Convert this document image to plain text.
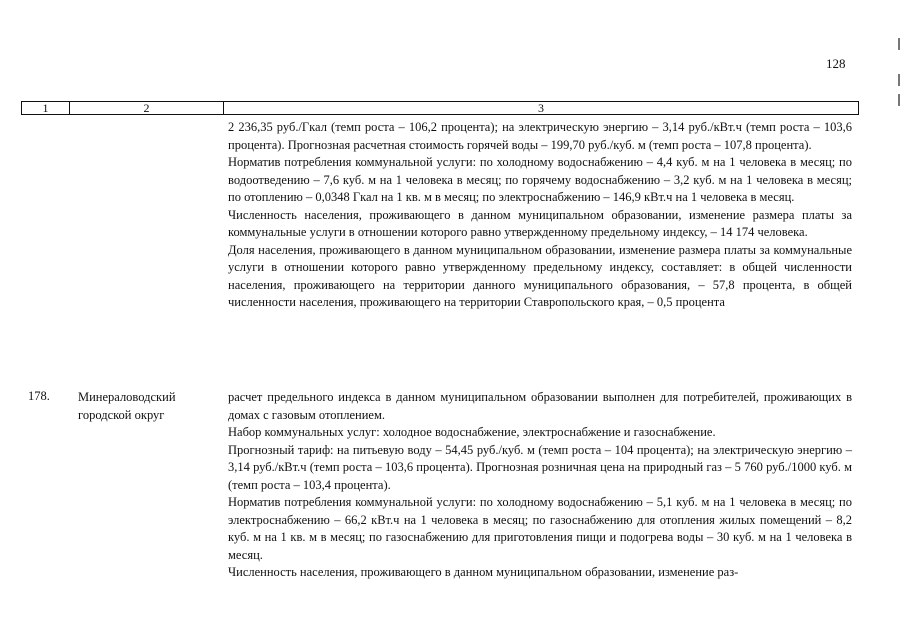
128
1	2	3

2 236,35 руб./Гкал (темп роста – 106,2 процента); на электрическую энергию – 3,14 руб./кВт.ч (темп роста – 103,6 процента). Прогнозная расчетная стоимость горячей воды – 199,70 руб./куб. м (темп роста – 107,8 процента).

Норматив потребления коммунальной услуги: по холодному водоснабжению – 4,4 куб. м на 1 человека в месяц; по водоотведению – 7,6 куб. м на 1 человека в месяц; по горячему водоснабжению – 3,2 куб. м на 1 человека в месяц; по отоплению – 0,0348 Гкал на 1 кв. м в месяц; по электроснабжению – 146,9 кВт.ч на 1 человека в месяц.

Численность населения, проживающего в данном муниципальном образовании, изменение размера платы за коммунальные услуги в отношении которого равно утвержденному предельному индексу, – 14 174 человека.

Доля населения, проживающего в данном муниципальном образовании, изменение размера платы за коммунальные услуги в отношении которого равно утвержденному предельному индексу, составляет: в общей численности населения, проживающего на территории данного муниципального образования, – 57,8 процента, в общей численности населения, проживающего на территории Ставропольского края, – 0,5 процента

178. Минераловодский городской округ

расчет предельного индекса в данном муниципальном образовании выполнен для потребителей, проживающих в домах с газовым отоплением.

Набор коммунальных услуг: холодное водоснабжение, электроснабжение и газоснабжение.

Прогнозный тариф: на питьевую воду – 54,45 руб./куб. м (темп роста – 104 процента); на электрическую энергию – 3,14 руб./кВт.ч (темп роста – 103,6 процента). Прогнозная розничная цена на природный газ – 5 760 руб./1000 куб. м (темп роста – 103,4 процента).

Норматив потребления коммунальной услуги: по холодному водоснабжению – 5,1 куб. м на 1 человека в месяц; по электроснабжению – 66,2 кВт.ч на 1 человека в месяц; по газоснабжению для отопления жилых помещений – 8,2 куб. м на 1 кв. м в месяц; по газоснабжению для приготовления пищи и подогрева воды – 30 куб. м на 1 человека в месяц.

Численность населения, проживающего в данном муниципальном образовании, изменение раз-
